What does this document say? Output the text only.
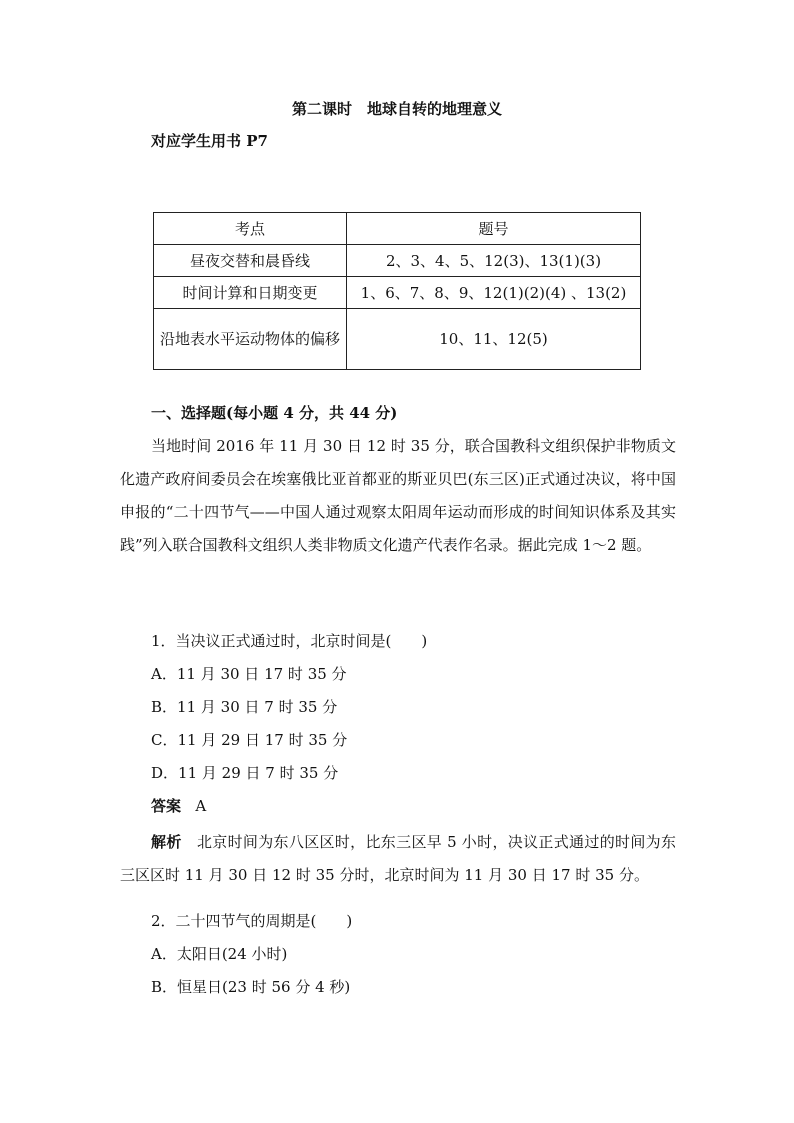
第二课时　地球自转的地理意义
对应学生用书 P7
考点	题号
昼夜交替和晨昏线	2、3、4、5、12(3)、13(1)(3)
时间计算和日期变更	1、6、7、8、9、12(1)(2)(4) 、13(2)
沿地表水平运动物体的偏移	10、11、12(5)
一、选择题(每小题 4 分，共 44 分)
当地时间 2016 年 11 月 30 日 12 时 35 分，联合国教科文组织保护非物质文化遗产政府间委员会在埃塞俄比亚首都亚的斯亚贝巴(东三区)正式通过决议，将中国申报的“二十四节气——中国人通过观察太阳周年运动而形成的时间知识体系及其实践”列入联合国教科文组织人类非物质文化遗产代表作名录。据此完成 1～2 题。
1．当决议正式通过时，北京时间是(　　)
A．11 月 30 日 17 时 35 分
B．11 月 30 日 7 时 35 分
C．11 月 29 日 17 时 35 分
D．11 月 29 日 7 时 35 分
答案 A
解析 北京时间为东八区区时，比东三区早 5 小时，决议正式通过的时间为东三区区时 11 月 30 日 12 时 35 分时，北京时间为 11 月 30 日 17 时 35 分。
2．二十四节气的周期是(　　)
A．太阳日(24 小时)
B．恒星日(23 时 56 分 4 秒)
